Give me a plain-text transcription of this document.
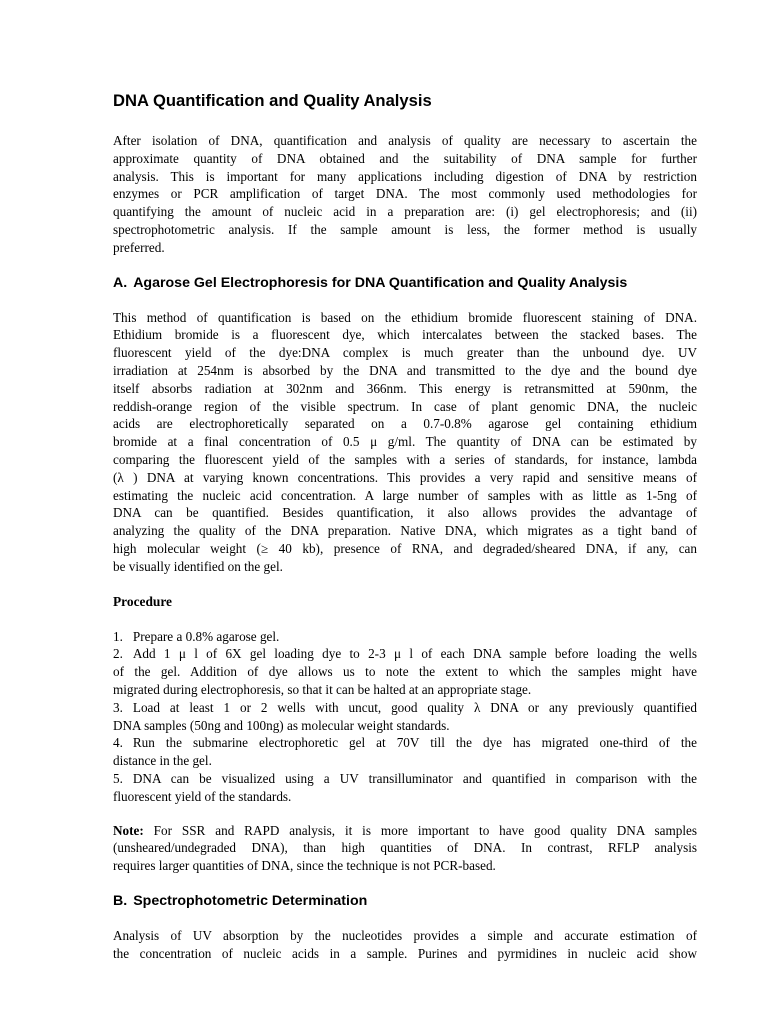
DNA Quantification and Quality Analysis
After isolation of DNA, quantification and analysis of quality are necessary to ascertain the
approximate quantity of DNA obtained and the suitability of DNA sample for further
analysis. This is important for many applications including digestion of DNA by restriction
enzymes or PCR amplification of target DNA. The most commonly used methodologies for
quantifying the amount of nucleic acid in a preparation are: (i) gel electrophoresis; and (ii)
spectrophotometric analysis. If the sample amount is less, the former method is usually
preferred.
A. Agarose Gel Electrophoresis for DNA Quantification and Quality Analysis
This method of quantification is based on the ethidium bromide fluorescent staining of DNA.
Ethidium bromide is a fluorescent dye, which intercalates between the stacked bases. The
fluorescent yield of the dye:DNA complex is much greater than the unbound dye. UV
irradiation at 254nm is absorbed by the DNA and transmitted to the dye and the bound dye
itself absorbs radiation at 302nm and 366nm. This energy is retransmitted at 590nm, the
reddish-orange region of the visible spectrum. In case of plant genomic DNA, the nucleic
acids are electrophoretically separated on a 0.7-0.8% agarose gel containing ethidium
bromide at a final concentration of 0.5 μ g/ml. The quantity of DNA can be estimated by
comparing the fluorescent yield of the samples with a series of standards, for instance, lambda
(λ ) DNA at varying known concentrations. This provides a very rapid and sensitive means of
estimating the nucleic acid concentration. A large number of samples with as little as 1-5ng of
DNA can be quantified. Besides quantification, it also allows provides the advantage of
analyzing the quality of the DNA preparation. Native DNA, which migrates as a tight band of
high molecular weight (≥ 40 kb), presence of RNA, and degraded/sheared DNA, if any, can
be visually identified on the gel.
Procedure
1. Prepare a 0.8% agarose gel.
2. Add 1 μ l of 6X gel loading dye to 2-3 μ l of each DNA sample before loading the wells
of the gel. Addition of dye allows us to note the extent to which the samples might have
migrated during electrophoresis, so that it can be halted at an appropriate stage.
3. Load at least 1 or 2 wells with uncut, good quality λ DNA or any previously quantified
DNA samples (50ng and 100ng) as molecular weight standards.
4. Run the submarine electrophoretic gel at 70V till the dye has migrated one-third of the
distance in the gel.
5. DNA can be visualized using a UV transilluminator and quantified in comparison with the
fluorescent yield of the standards.
Note: For SSR and RAPD analysis, it is more important to have good quality DNA samples
(unsheared/undegraded DNA), than high quantities of DNA. In contrast, RFLP analysis
requires larger quantities of DNA, since the technique is not PCR-based.
B. Spectrophotometric Determination
Analysis of UV absorption by the nucleotides provides a simple and accurate estimation of
the concentration of nucleic acids in a sample. Purines and pyrmidines in nucleic acid show
